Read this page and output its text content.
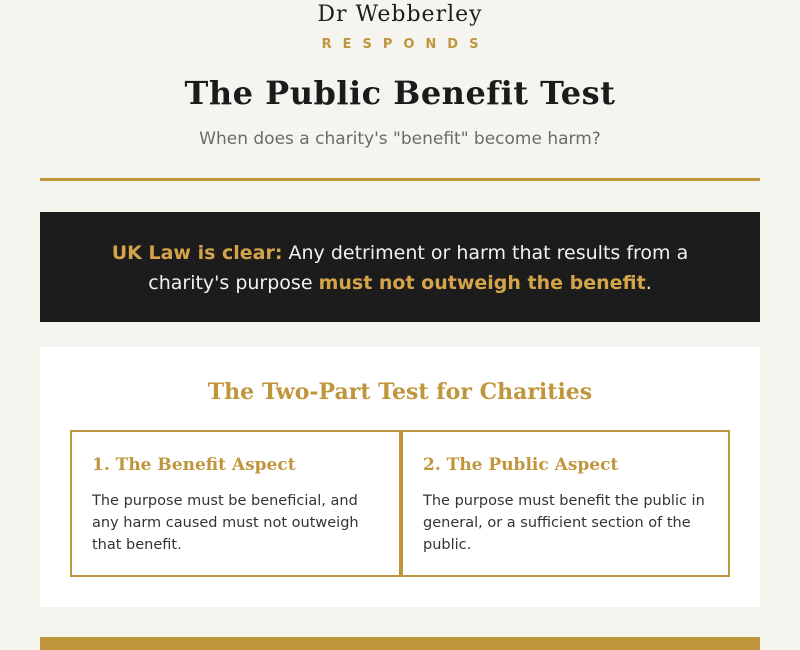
Dr Webberley
RESPONDS
The Public Benefit Test
When does a charity's "benefit" become harm?
UK Law is clear: Any detriment or harm that results from a charity's purpose must not outweigh the benefit.
The Two-Part Test for Charities
1. The Benefit Aspect

The purpose must be beneficial, and any harm caused must not outweigh that benefit.

2. The Public Aspect

The purpose must benefit the public in general, or a sufficient section of the public.
